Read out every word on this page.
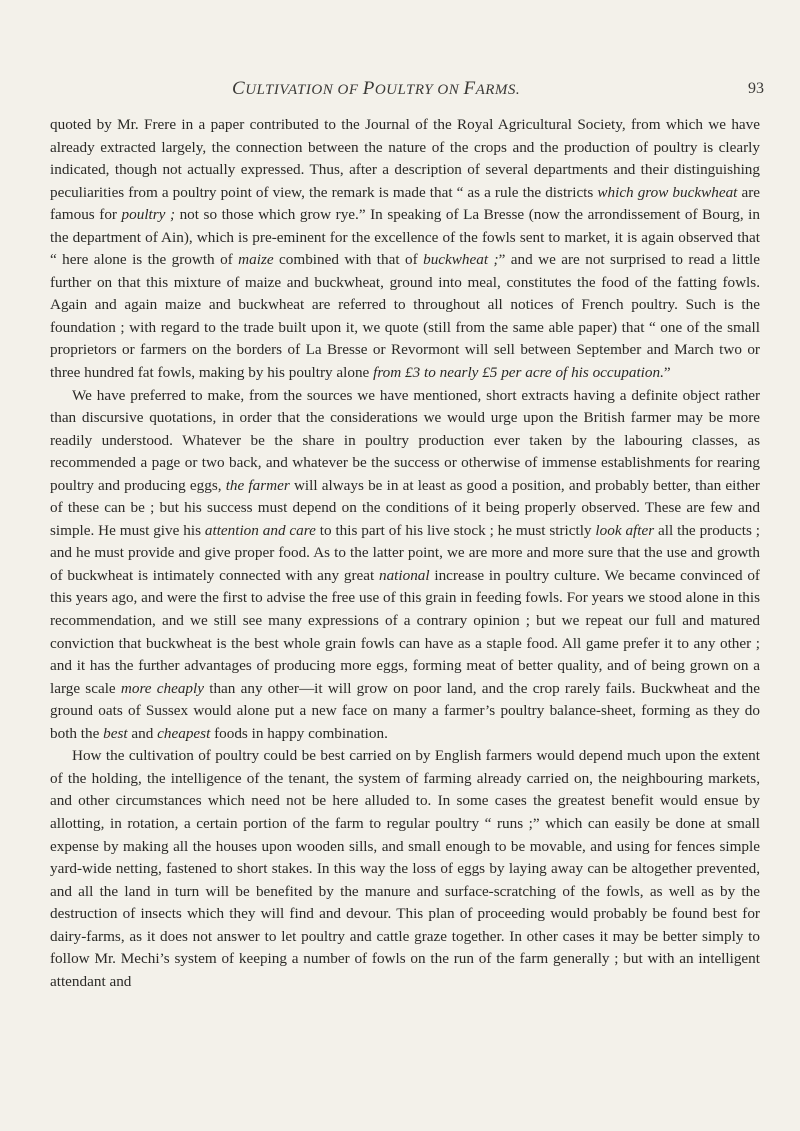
CULTIVATION OF POULTRY ON FARMS.	93

quoted by Mr. Frere in a paper contributed to the Journal of the Royal Agricultural Society, from which we have already extracted largely, the connection between the nature of the crops and the production of poultry is clearly indicated, though not actually expressed. Thus, after a description of several departments and their distinguishing peculiarities from a poultry point of view, the remark is made that “ as a rule the districts which grow buckwheat are famous for poultry ; not so those which grow rye.” In speaking of La Bresse (now the arrondissement of Bourg, in the department of Ain), which is pre-eminent for the excellence of the fowls sent to market, it is again observed that “ here alone is the growth of maize combined with that of buckwheat ;” and we are not surprised to read a little further on that this mixture of maize and buckwheat, ground into meal, constitutes the food of the fatting fowls. Again and again maize and buckwheat are referred to throughout all notices of French poultry. Such is the foundation ; with regard to the trade built upon it, we quote (still from the same able paper) that “ one of the small proprietors or farmers on the borders of La Bresse or Revormont will sell between September and March two or three hundred fat fowls, making by his poultry alone from £3 to nearly £5 per acre of his occupation.”

We have preferred to make, from the sources we have mentioned, short extracts having a definite object rather than discursive quotations, in order that the considerations we would urge upon the British farmer may be more readily understood. Whatever be the share in poultry production ever taken by the labouring classes, as recommended a page or two back, and whatever be the success or otherwise of immense establishments for rearing poultry and producing eggs, the farmer will always be in at least as good a position, and probably better, than either of these can be ; but his success must depend on the conditions of it being properly observed. These are few and simple. He must give his attention and care to this part of his live stock ; he must strictly look after all the products ; and he must provide and give proper food. As to the latter point, we are more and more sure that the use and growth of buckwheat is intimately connected with any great national increase in poultry culture. We became convinced of this years ago, and were the first to advise the free use of this grain in feeding fowls. For years we stood alone in this recommendation, and we still see many expressions of a contrary opinion ; but we repeat our full and matured conviction that buckwheat is the best whole grain fowls can have as a staple food. All game prefer it to any other ; and it has the further advantages of producing more eggs, forming meat of better quality, and of being grown on a large scale more cheaply than any other—it will grow on poor land, and the crop rarely fails. Buckwheat and the ground oats of Sussex would alone put a new face on many a farmer’s poultry balance-sheet, forming as they do both the best and cheapest foods in happy combination.

How the cultivation of poultry could be best carried on by English farmers would depend much upon the extent of the holding, the intelligence of the tenant, the system of farming already carried on, the neighbouring markets, and other circumstances which need not be here alluded to. In some cases the greatest benefit would ensue by allotting, in rotation, a certain portion of the farm to regular poultry “ runs ;” which can easily be done at small expense by making all the houses upon wooden sills, and small enough to be movable, and using for fences simple yard-wide netting, fastened to short stakes. In this way the loss of eggs by laying away can be altogether prevented, and all the land in turn will be benefited by the manure and surface-scratching of the fowls, as well as by the destruction of insects which they will find and devour. This plan of proceeding would probably be found best for dairy-farms, as it does not answer to let poultry and cattle graze together. In other cases it may be better simply to follow Mr. Mechi’s system of keeping a number of fowls on the run of the farm generally ; but with an intelligent attendant and
